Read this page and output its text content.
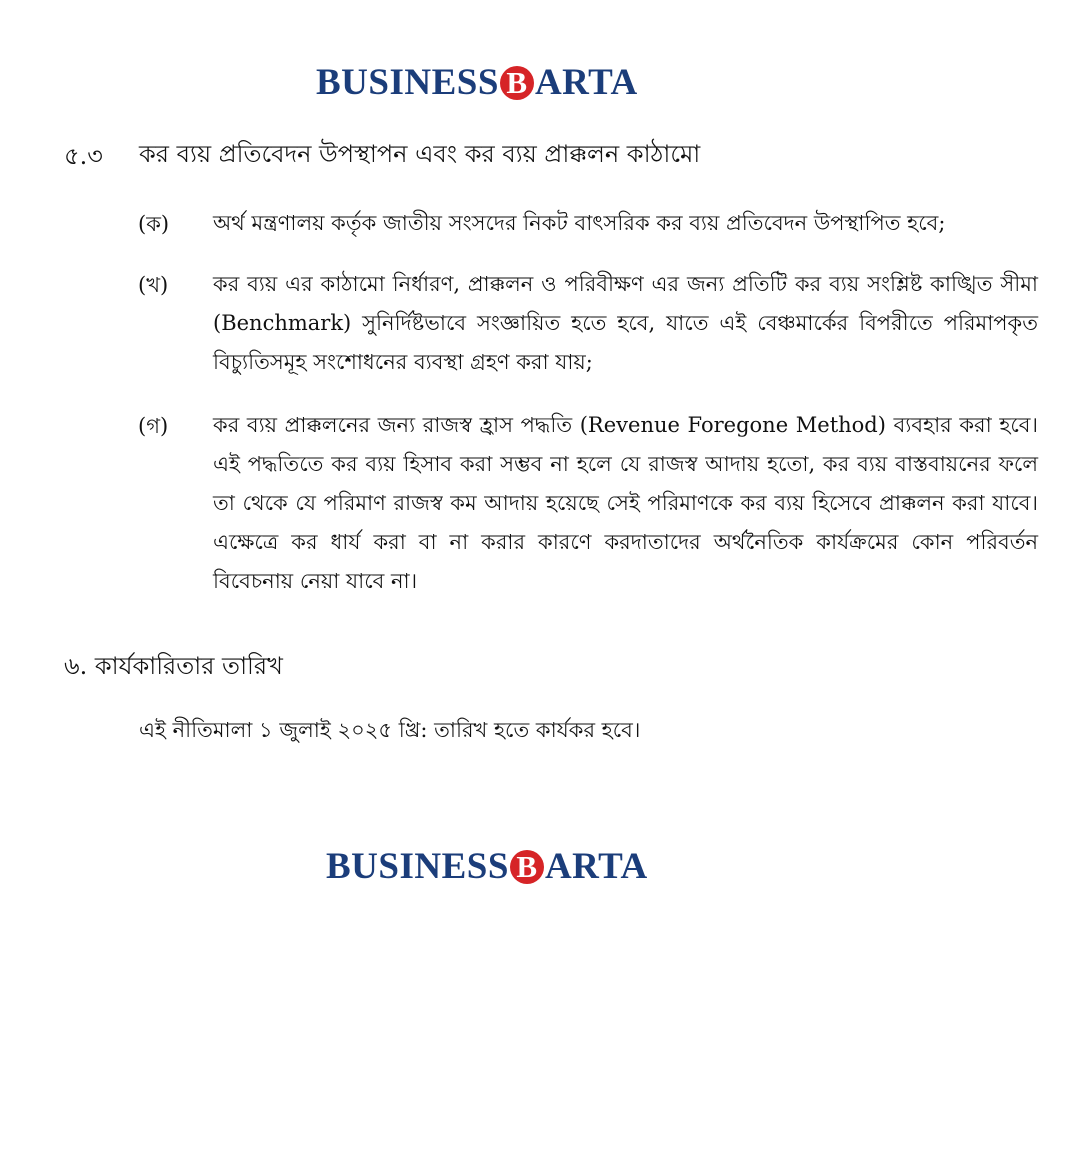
BUSINESS B ARTA
৫.৩ কর ব্যয় প্রতিবেদন উপস্থাপন এবং কর ব্যয় প্রাক্কলন কাঠামো
(ক) অর্থ মন্ত্রণালয় কর্তৃক জাতীয় সংসদের নিকট বাৎসরিক কর ব্যয় প্রতিবেদন উপস্থাপিত হবে;
(খ) কর ব্যয় এর কাঠামো নির্ধারণ, প্রাক্কলন ও পরিবীক্ষণ এর জন্য প্রতিটি কর ব্যয় সংশ্লিষ্ট কাঙ্খিত সীমা (Benchmark) সুনির্দিষ্টভাবে সংজ্ঞায়িত হতে হবে, যাতে এই বেঞ্চমার্কের বিপরীতে পরিমাপকৃত বিচ্যুতিসমূহ সংশোধনের ব্যবস্থা গ্রহণ করা যায়;
(গ) কর ব্যয় প্রাক্কলনের জন্য রাজস্ব হ্রাস পদ্ধতি (Revenue Foregone Method) ব্যবহার করা হবে। এই পদ্ধতিতে কর ব্যয় হিসাব করা সম্ভব না হলে যে রাজস্ব আদায় হতো, কর ব্যয় বাস্তবায়নের ফলে তা থেকে যে পরিমাণ রাজস্ব কম আদায় হয়েছে সেই পরিমাণকে কর ব্যয় হিসেবে প্রাক্কলন করা যাবে। এক্ষেত্রে কর ধার্য করা বা না করার কারণে করদাতাদের অর্থনৈতিক কার্যক্রমের কোন পরিবর্তন বিবেচনায় নেয়া যাবে না।
৬. কার্যকারিতার তারিখ
এই নীতিমালা ১ জুলাই ২০২৫ খ্রি: তারিখ হতে কার্যকর হবে।
BUSINESS B ARTA
